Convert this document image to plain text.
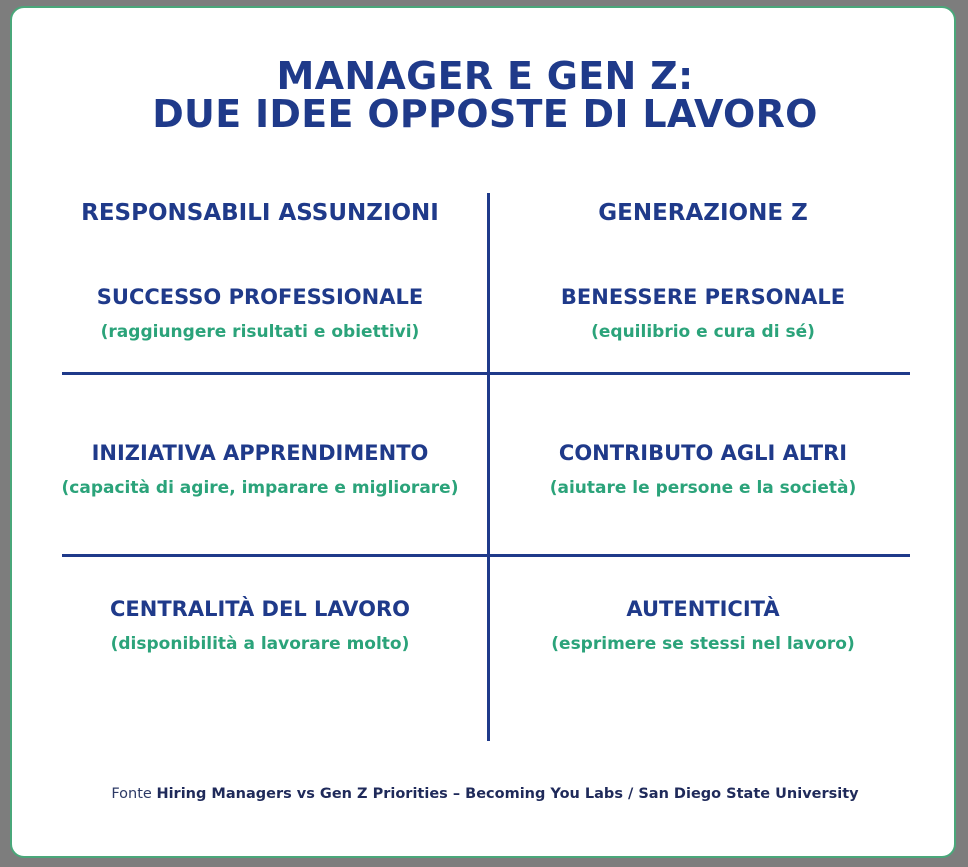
MANAGER E GEN Z:
DUE IDEE OPPOSTE DI LAVORO
RESPONSABILI ASSUNZIONI	GENERAZIONE Z
SUCCESSO PROFESSIONALE
(raggiungere risultati e obiettivi)
BENESSERE PERSONALE
(equilibrio e cura di sé)
INIZIATIVA APPRENDIMENTO
(capacità di agire, imparare e migliorare)
CONTRIBUTO AGLI ALTRI
(aiutare le persone e la società)
CENTRALITÀ DEL LAVORO
(disponibilità a lavorare molto)
AUTENTICITÀ
(esprimere se stessi nel lavoro)
Fonte Hiring Managers vs Gen Z Priorities – Becoming You Labs / San Diego State University
